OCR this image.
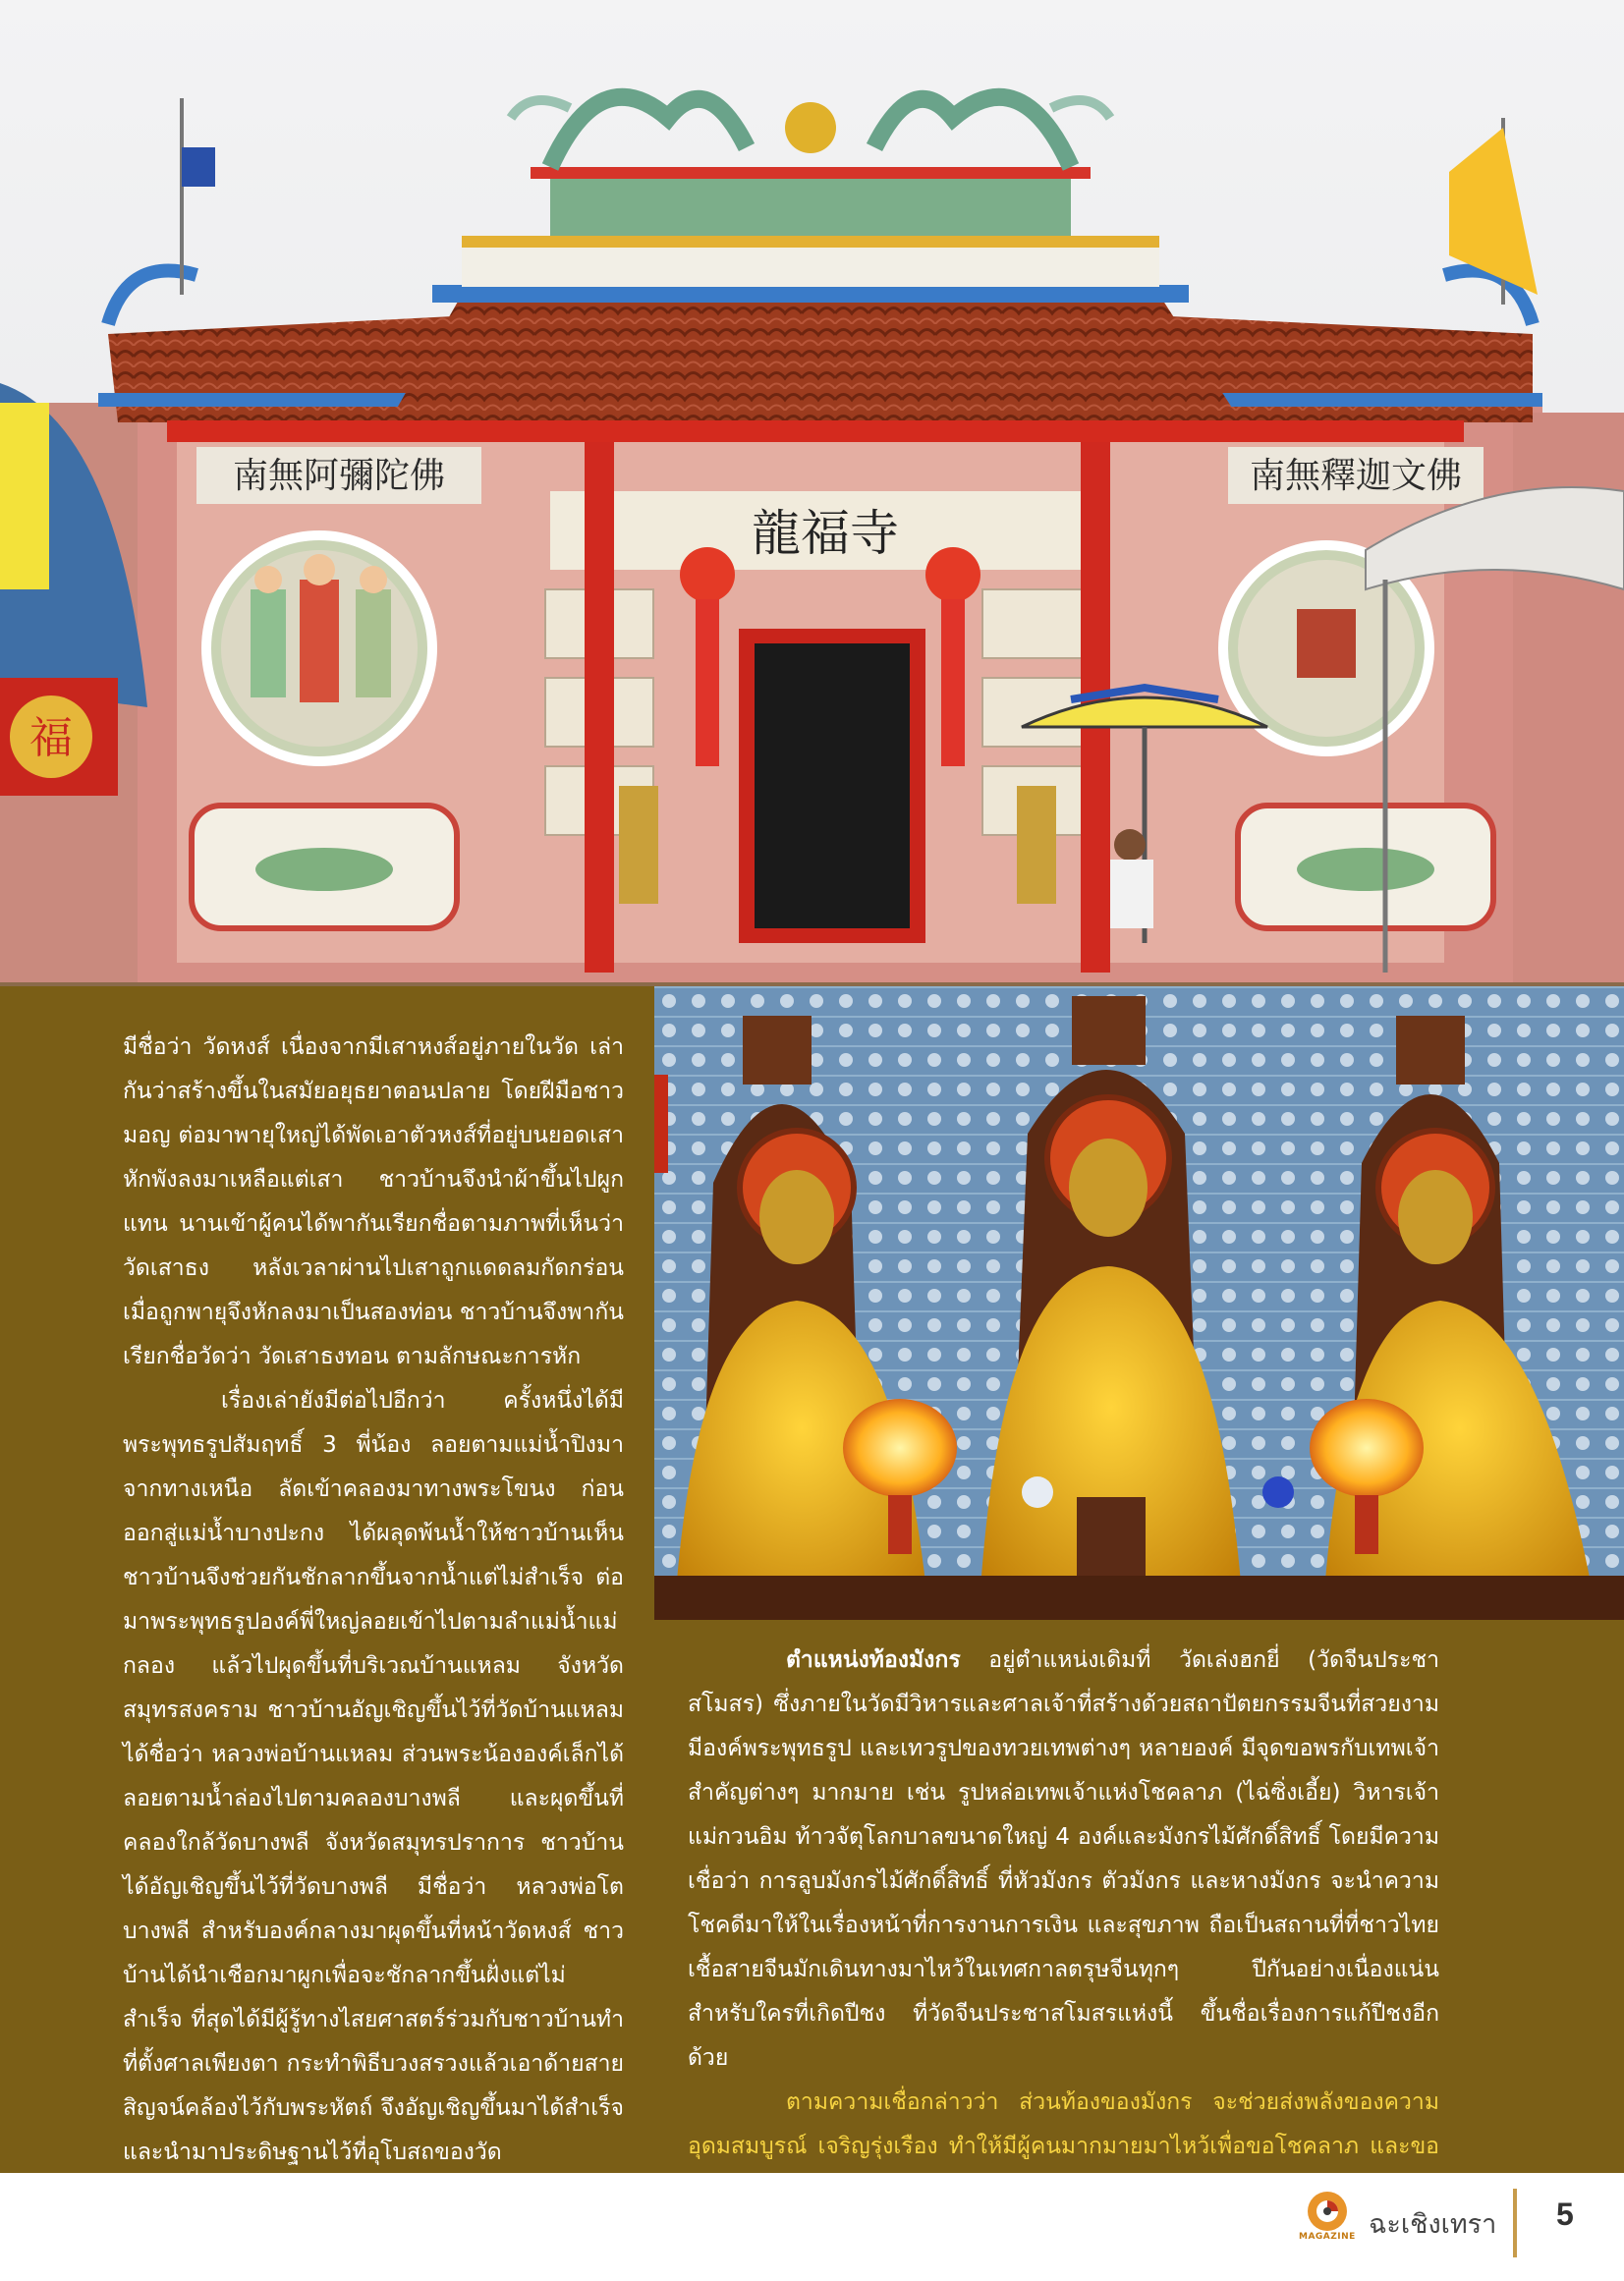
南無阿彌陀佛	南無釋迦文佛
龍福寺
福

มีชื่อว่า วัดหงส์ เนื่องจากมีเสาหงส์อยู่ภายในวัด เล่ากันว่าสร้างขึ้นในสมัยอยุธยาตอนปลาย โดยฝีมือชาวมอญ ต่อมาพายุใหญ่ได้พัดเอาตัวหงส์ที่อยู่บนยอดเสาหักพังลงมาเหลือแต่เสา ชาวบ้านจึงนำผ้าขึ้นไปผูกแทน นานเข้าผู้คนได้พากันเรียกชื่อตามภาพที่เห็นว่า วัดเสาธง หลังเวลาผ่านไปเสาถูกแดดลมกัดกร่อน เมื่อถูกพายุจึงหักลงมาเป็นสองท่อน ชาวบ้านจึงพากันเรียกชื่อวัดว่า วัดเสาธงทอน ตามลักษณะการหัก

เรื่องเล่ายังมีต่อไปอีกว่า ครั้งหนึ่งได้มีพระพุทธรูปสัมฤทธิ์ 3 พี่น้อง ลอยตามแม่น้ำปิงมาจากทางเหนือ ลัดเข้าคลองมาทางพระโขนง ก่อนออกสู่แม่น้ำบางปะกง ได้ผลุดพ้นน้ำให้ชาวบ้านเห็น ชาวบ้านจึงช่วยกันชักลากขึ้นจากน้ำแต่ไม่สำเร็จ ต่อมาพระพุทธรูปองค์พี่ใหญ่ลอยเข้าไปตามลำแม่น้ำแม่กลอง แล้วไปผุดขึ้นที่บริเวณบ้านแหลม จังหวัดสมุทรสงคราม ชาวบ้านอัญเชิญขึ้นไว้ที่วัดบ้านแหลม ได้ชื่อว่า หลวงพ่อบ้านแหลม ส่วนพระน้ององค์เล็กได้ลอยตามน้ำล่องไปตามคลองบางพลี และผุดขึ้นที่คลองใกล้วัดบางพลี จังหวัดสมุทรปราการ ชาวบ้านได้อัญเชิญขึ้นไว้ที่วัดบางพลี มีชื่อว่า หลวงพ่อโตบางพลี สำหรับองค์กลางมาผุดขึ้นที่หน้าวัดหงส์ ชาวบ้านได้นำเชือกมาผูกเพื่อจะชักลากขึ้นฝั่งแต่ไม่สำเร็จ ที่สุดได้มีผู้รู้ทางไสยศาสตร์ร่วมกับชาวบ้านทำที่ตั้งศาลเพียงตา กระทำพิธีบวงสรวงแล้วเอาด้ายสายสิญจน์คล้องไว้กับพระหัตถ์ จึงอัญเชิญขึ้นมาได้สำเร็จ และนำมาประดิษฐานไว้ที่อุโบสถของวัด

ตำแหน่งท้องมังกร อยู่ตำแหน่งเดิมที่ วัดเล่งฮกยี่ (วัดจีนประชาสโมสร) ซึ่งภายในวัดมีวิหารและศาลเจ้าที่สร้างด้วยสถาปัตยกรรมจีนที่สวยงาม มีองค์พระพุทธรูป และเทวรูปของทวยเทพต่างๆ หลายองค์ มีจุดขอพรกับเทพเจ้าสำคัญต่างๆ มากมาย เช่น รูปหล่อเทพเจ้าแห่งโชคลาภ (ไฉ่ซิ่งเอี้ย) วิหารเจ้าแม่กวนอิม ท้าวจัตุโลกบาลขนาดใหญ่ 4 องค์และมังกรไม้ศักดิ์สิทธิ์ โดยมีความเชื่อว่า การลูบมังกรไม้ศักดิ์สิทธิ์ ที่หัวมังกร ตัวมังกร และหางมังกร จะนำความโชคดีมาให้ในเรื่องหน้าที่การงานการเงิน และสุขภาพ ถือเป็นสถานที่ที่ชาวไทยเชื้อสายจีนมักเดินทางมาไหว้ในเทศกาลตรุษจีนทุกๆ ปีกันอย่างเนื่องแน่น สำหรับใครที่เกิดปีชง ที่วัดจีนประชาสโมสรแห่งนี้ ขึ้นชื่อเรื่องการแก้ปีชงอีกด้วย

ตามความเชื่อกล่าวว่า ส่วนท้องของมังกร จะช่วยส่งพลังของความอุดมสมบูรณ์ เจริญรุ่งเรือง ทำให้มีผู้คนมากมายมาไหว้เพื่อขอโชคลาภ และขอ

MAGAZINE ฉะเชิงเทรา 5
